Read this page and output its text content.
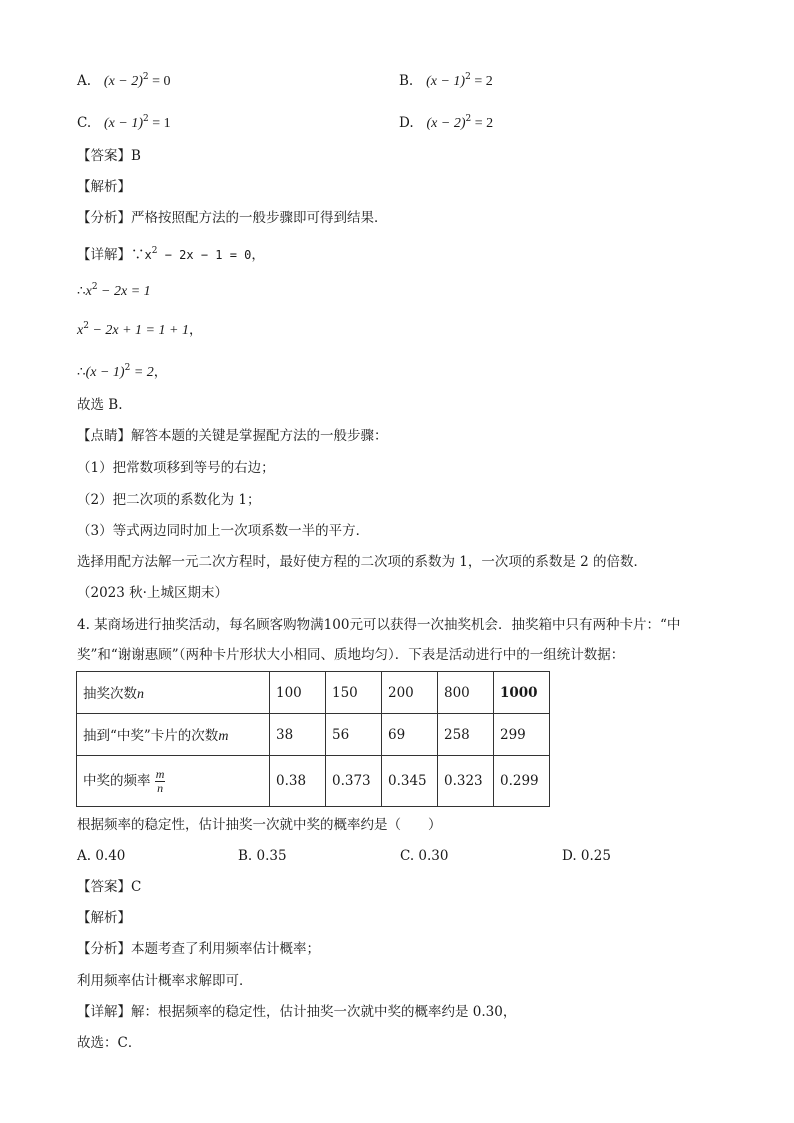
A. $(x - 2)^2 = 0$	B. $(x - 1)^2 = 2$
C. $(x - 1)^2 = 1$	D. $(x - 2)^2 = 2$
【答案】B
【解析】
【分析】严格按照配方法的一般步骤即可得到结果．
【详解】$\because x^2 - 2x - 1 = 0$，
$\therefore x^2 - 2x = 1$
$x^2 - 2x + 1 = 1 + 1$，
∴(x − 1)$^2$ = 2，
故选 B.
【点睛】解答本题的关键是掌握配方法的一般步骤：
（1）把常数项移到等号的右边；
（2）把二次项的系数化为 1；
（3）等式两边同时加上一次项系数一半的平方．
选择用配方法解一元二次方程时，最好使方程的二次项的系数为 1，一次项的系数是 2 的倍数．
（2023 秋·上城区期末）
4. 某商场进行抽奖活动，每名顾客购物满100元可以获得一次抽奖机会．抽奖箱中只有两种卡片：“中
奖”和“谢谢惠顾”（两种卡片形状大小相同、质地均匀）．下表是活动进行中的一组统计数据：
抽奖次数n	100	150	200	800	1000
抽到“中奖”卡片的次数m	38	56	69	258	299
中奖的频率 $\frac{m}{n}$	0.38	0.373	0.345	0.323	0.299
根据频率的稳定性，估计抽奖一次就中奖的概率约是（　　）
A. 0.40	B. 0.35	C. 0.30	D. 0.25
【答案】C
【解析】
【分析】本题考查了利用频率估计概率；
利用频率估计概率求解即可．
【详解】解：根据频率的稳定性，估计抽奖一次就中奖的概率约是 0.30，
故选：C．
